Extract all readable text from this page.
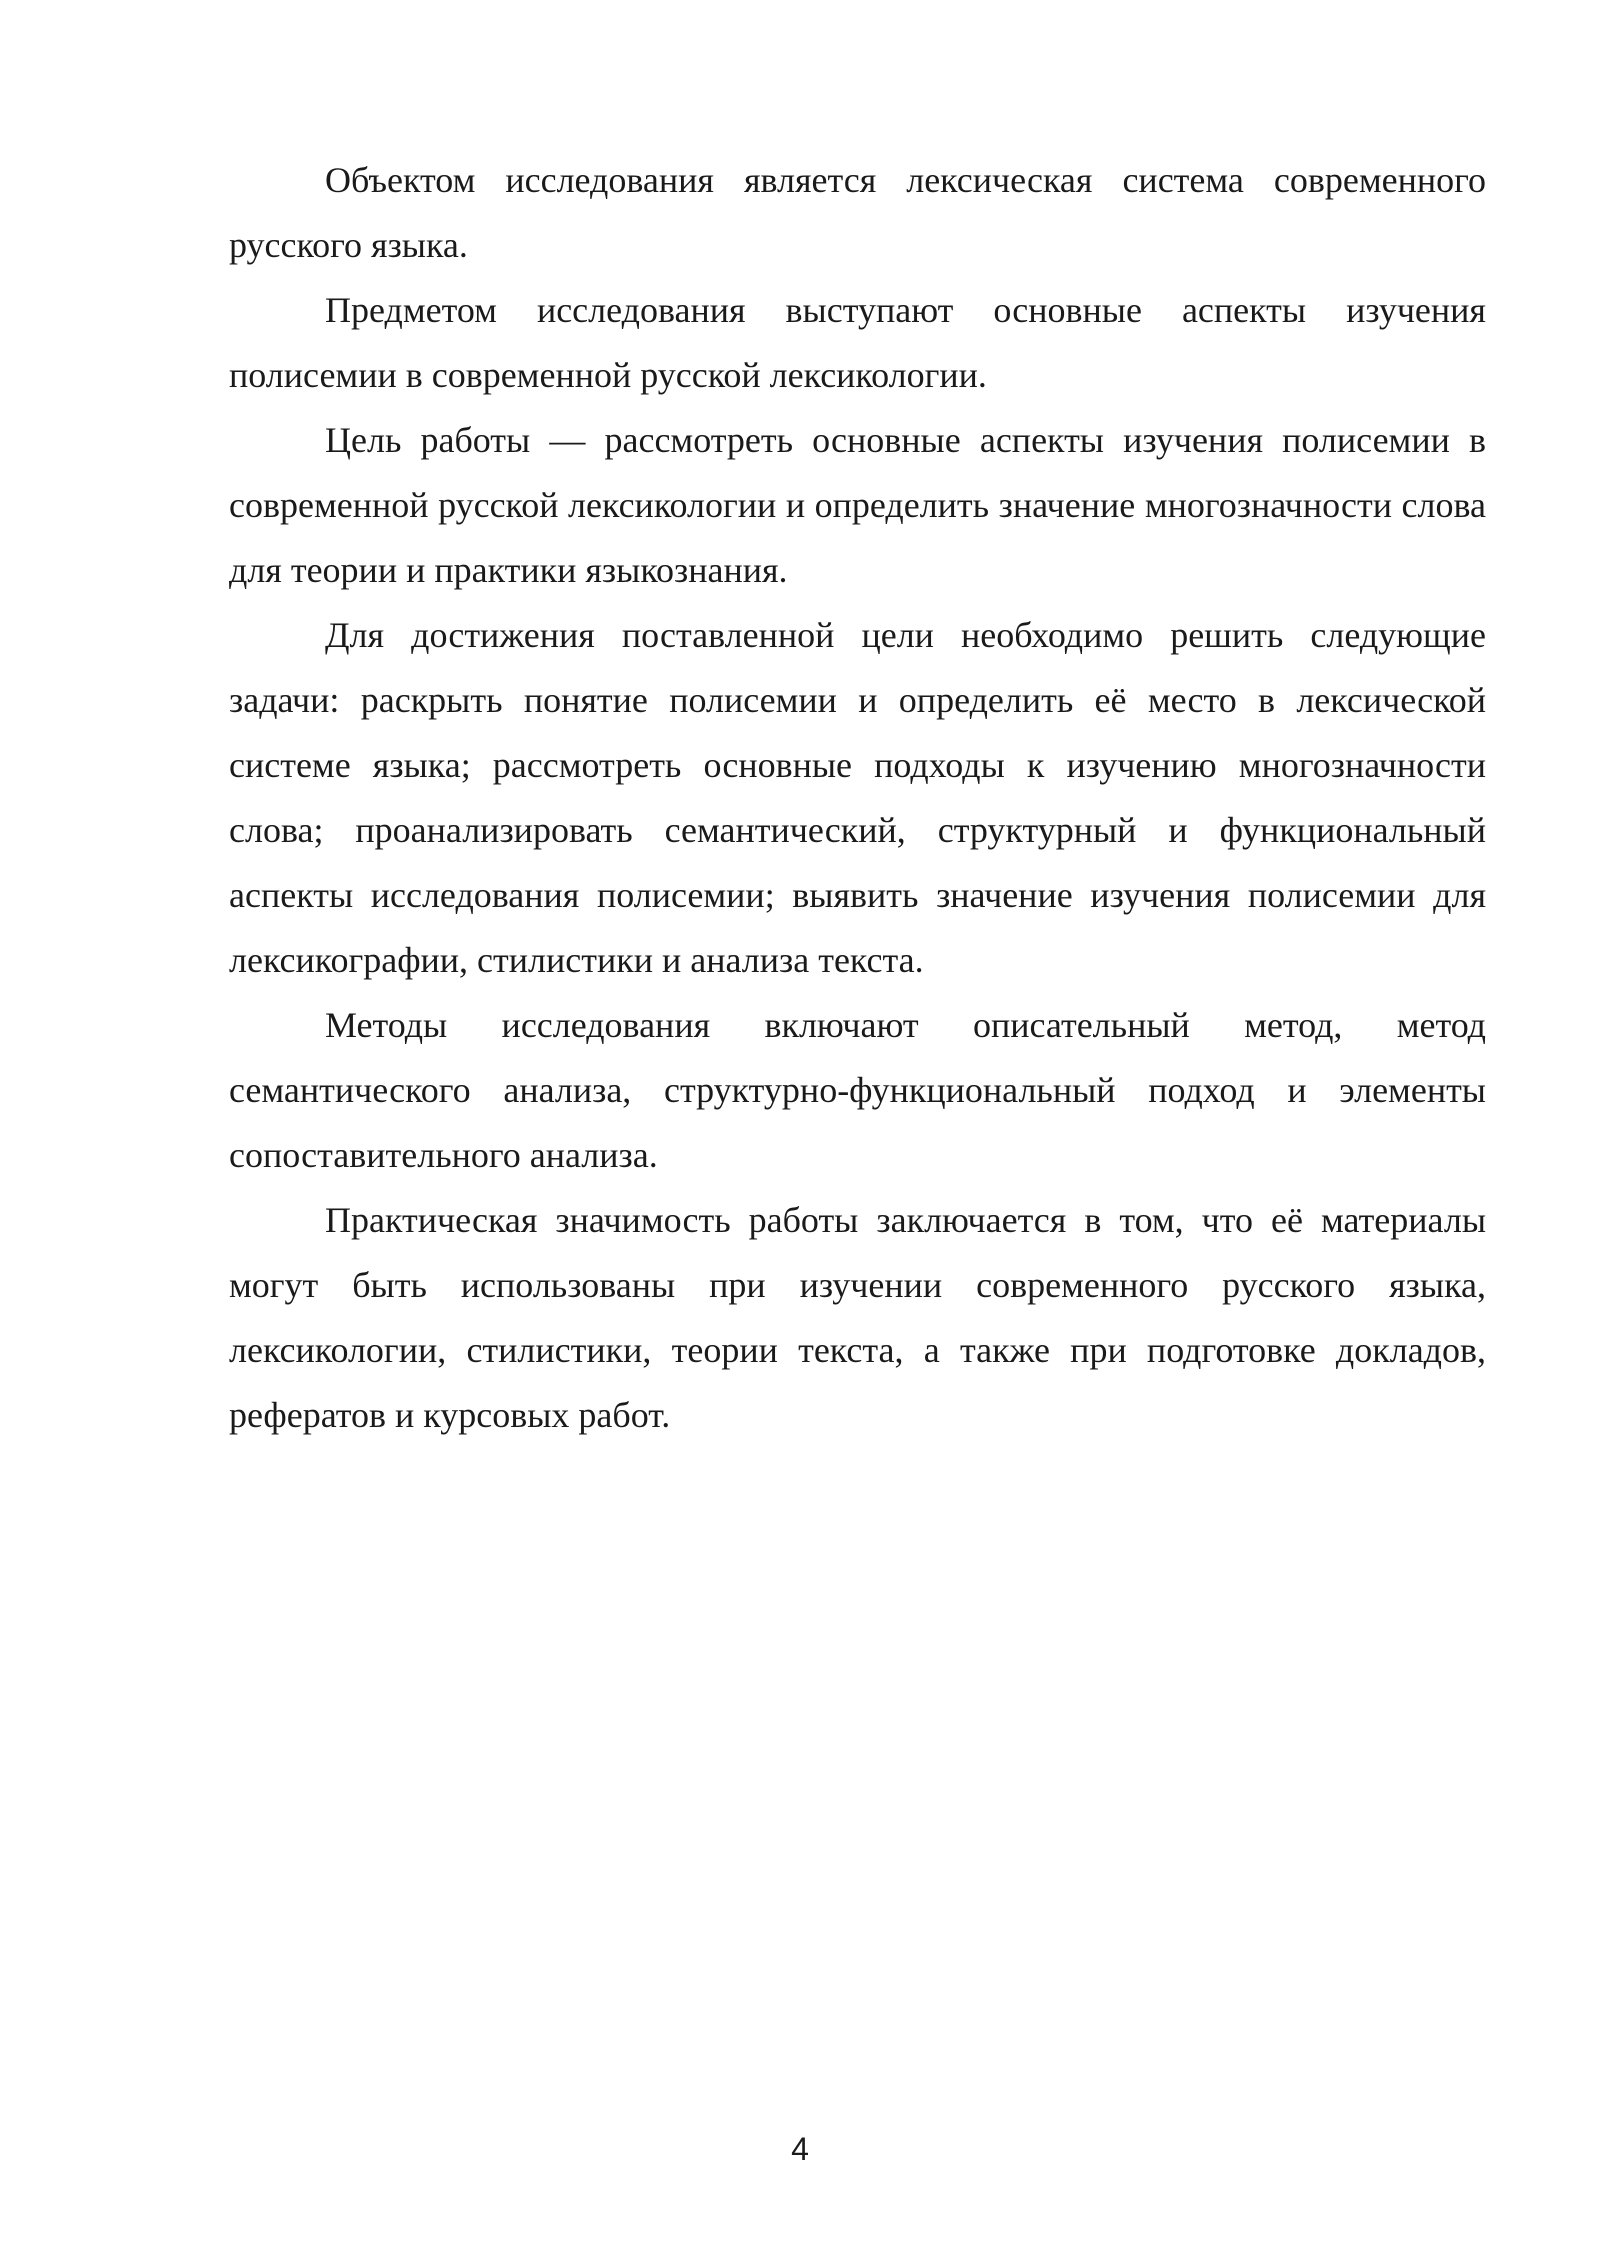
Объектом исследования является лексическая система современного русского языка.

Предметом исследования выступают основные аспекты изучения полисемии в современной русской лексикологии.

Цель работы — рассмотреть основные аспекты изучения полисемии в современной русской лексикологии и определить значение многозначности слова для теории и практики языкознания.

Для достижения поставленной цели необходимо решить следующие задачи: раскрыть понятие полисемии и определить её место в лексической системе языка; рассмотреть основные подходы к изучению многозначности слова; проанализировать семантический, структурный и функциональный аспекты исследования полисемии; выявить значение изучения полисемии для лексикографии, стилистики и анализа текста.

Методы исследования включают описательный метод, метод семантического анализа, структурно-функциональный подход и элементы сопоставительного анализа.

Практическая значимость работы заключается в том, что её материалы могут быть использованы при изучении современного русского языка, лексикологии, стилистики, теории текста, а также при подготовке докладов, рефератов и курсовых работ.

4
